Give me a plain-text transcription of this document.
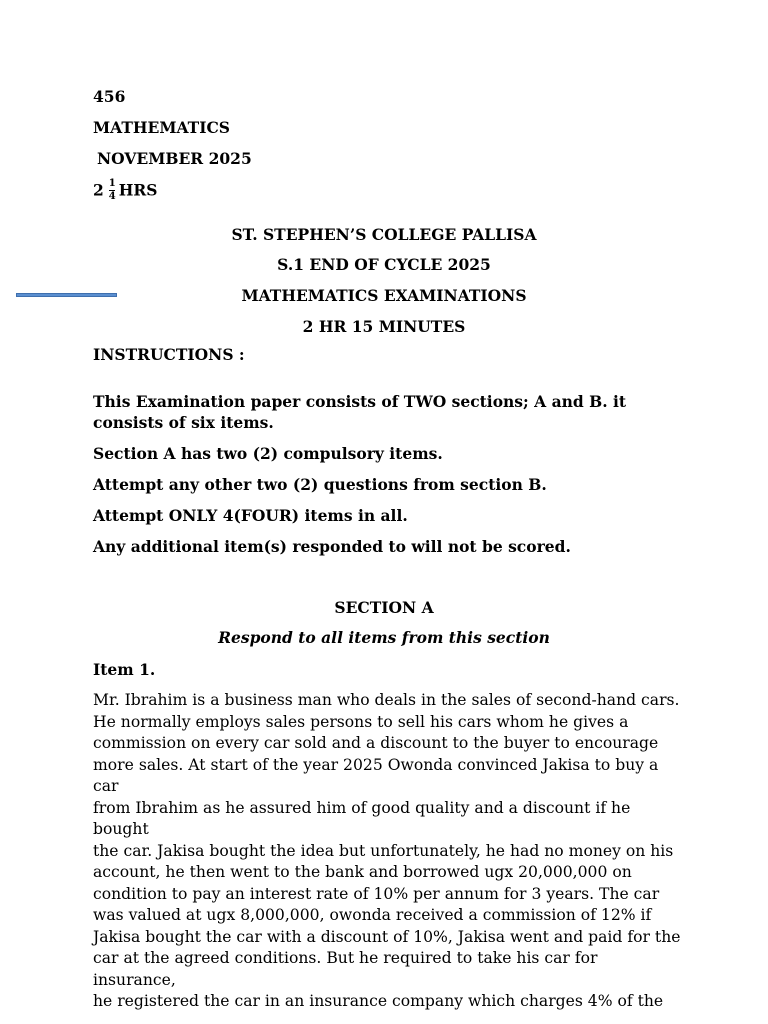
456
MATHEMATICS
NOVEMBER 2025
$2 \frac{1}{4}$ HRS
ST. STEPHEN’S COLLEGE PALLISA
S.1 END OF CYCLE 2025
MATHEMATICS EXAMINATIONS
2 HR 15 MINUTES
INSTRUCTIONS :
This Examination paper consists of TWO sections; A and B. it consists of six items.
Section A has two (2) compulsory items.
Attempt any other two (2) questions from section B.
Attempt ONLY 4(FOUR) items in all.
Any additional item(s) responded to will not be scored.
SECTION A
Respond to all items from this section
Item 1.
Mr. Ibrahim is a business man who deals in the sales of second-hand cars.
He normally employs sales persons to sell his cars whom he gives a
commission on every car sold and a discount to the buyer to encourage
more sales. At start of the year 2025 Owonda convinced Jakisa to buy a car
from Ibrahim as he assured him of good quality and a discount if he bought
the car. Jakisa bought the idea but unfortunately, he had no money on his
account, he then went to the bank and borrowed ugx 20,000,000 on
condition to pay an interest rate of 10% per annum for 3 years. The car
was valued at ugx 8,000,000, owonda received a commission of 12% if
Jakisa bought the car with a discount of 10%, Jakisa went and paid for the
car at the agreed conditions. But he required to take his car for insurance,
he registered the car in an insurance company which charges 4% of the
